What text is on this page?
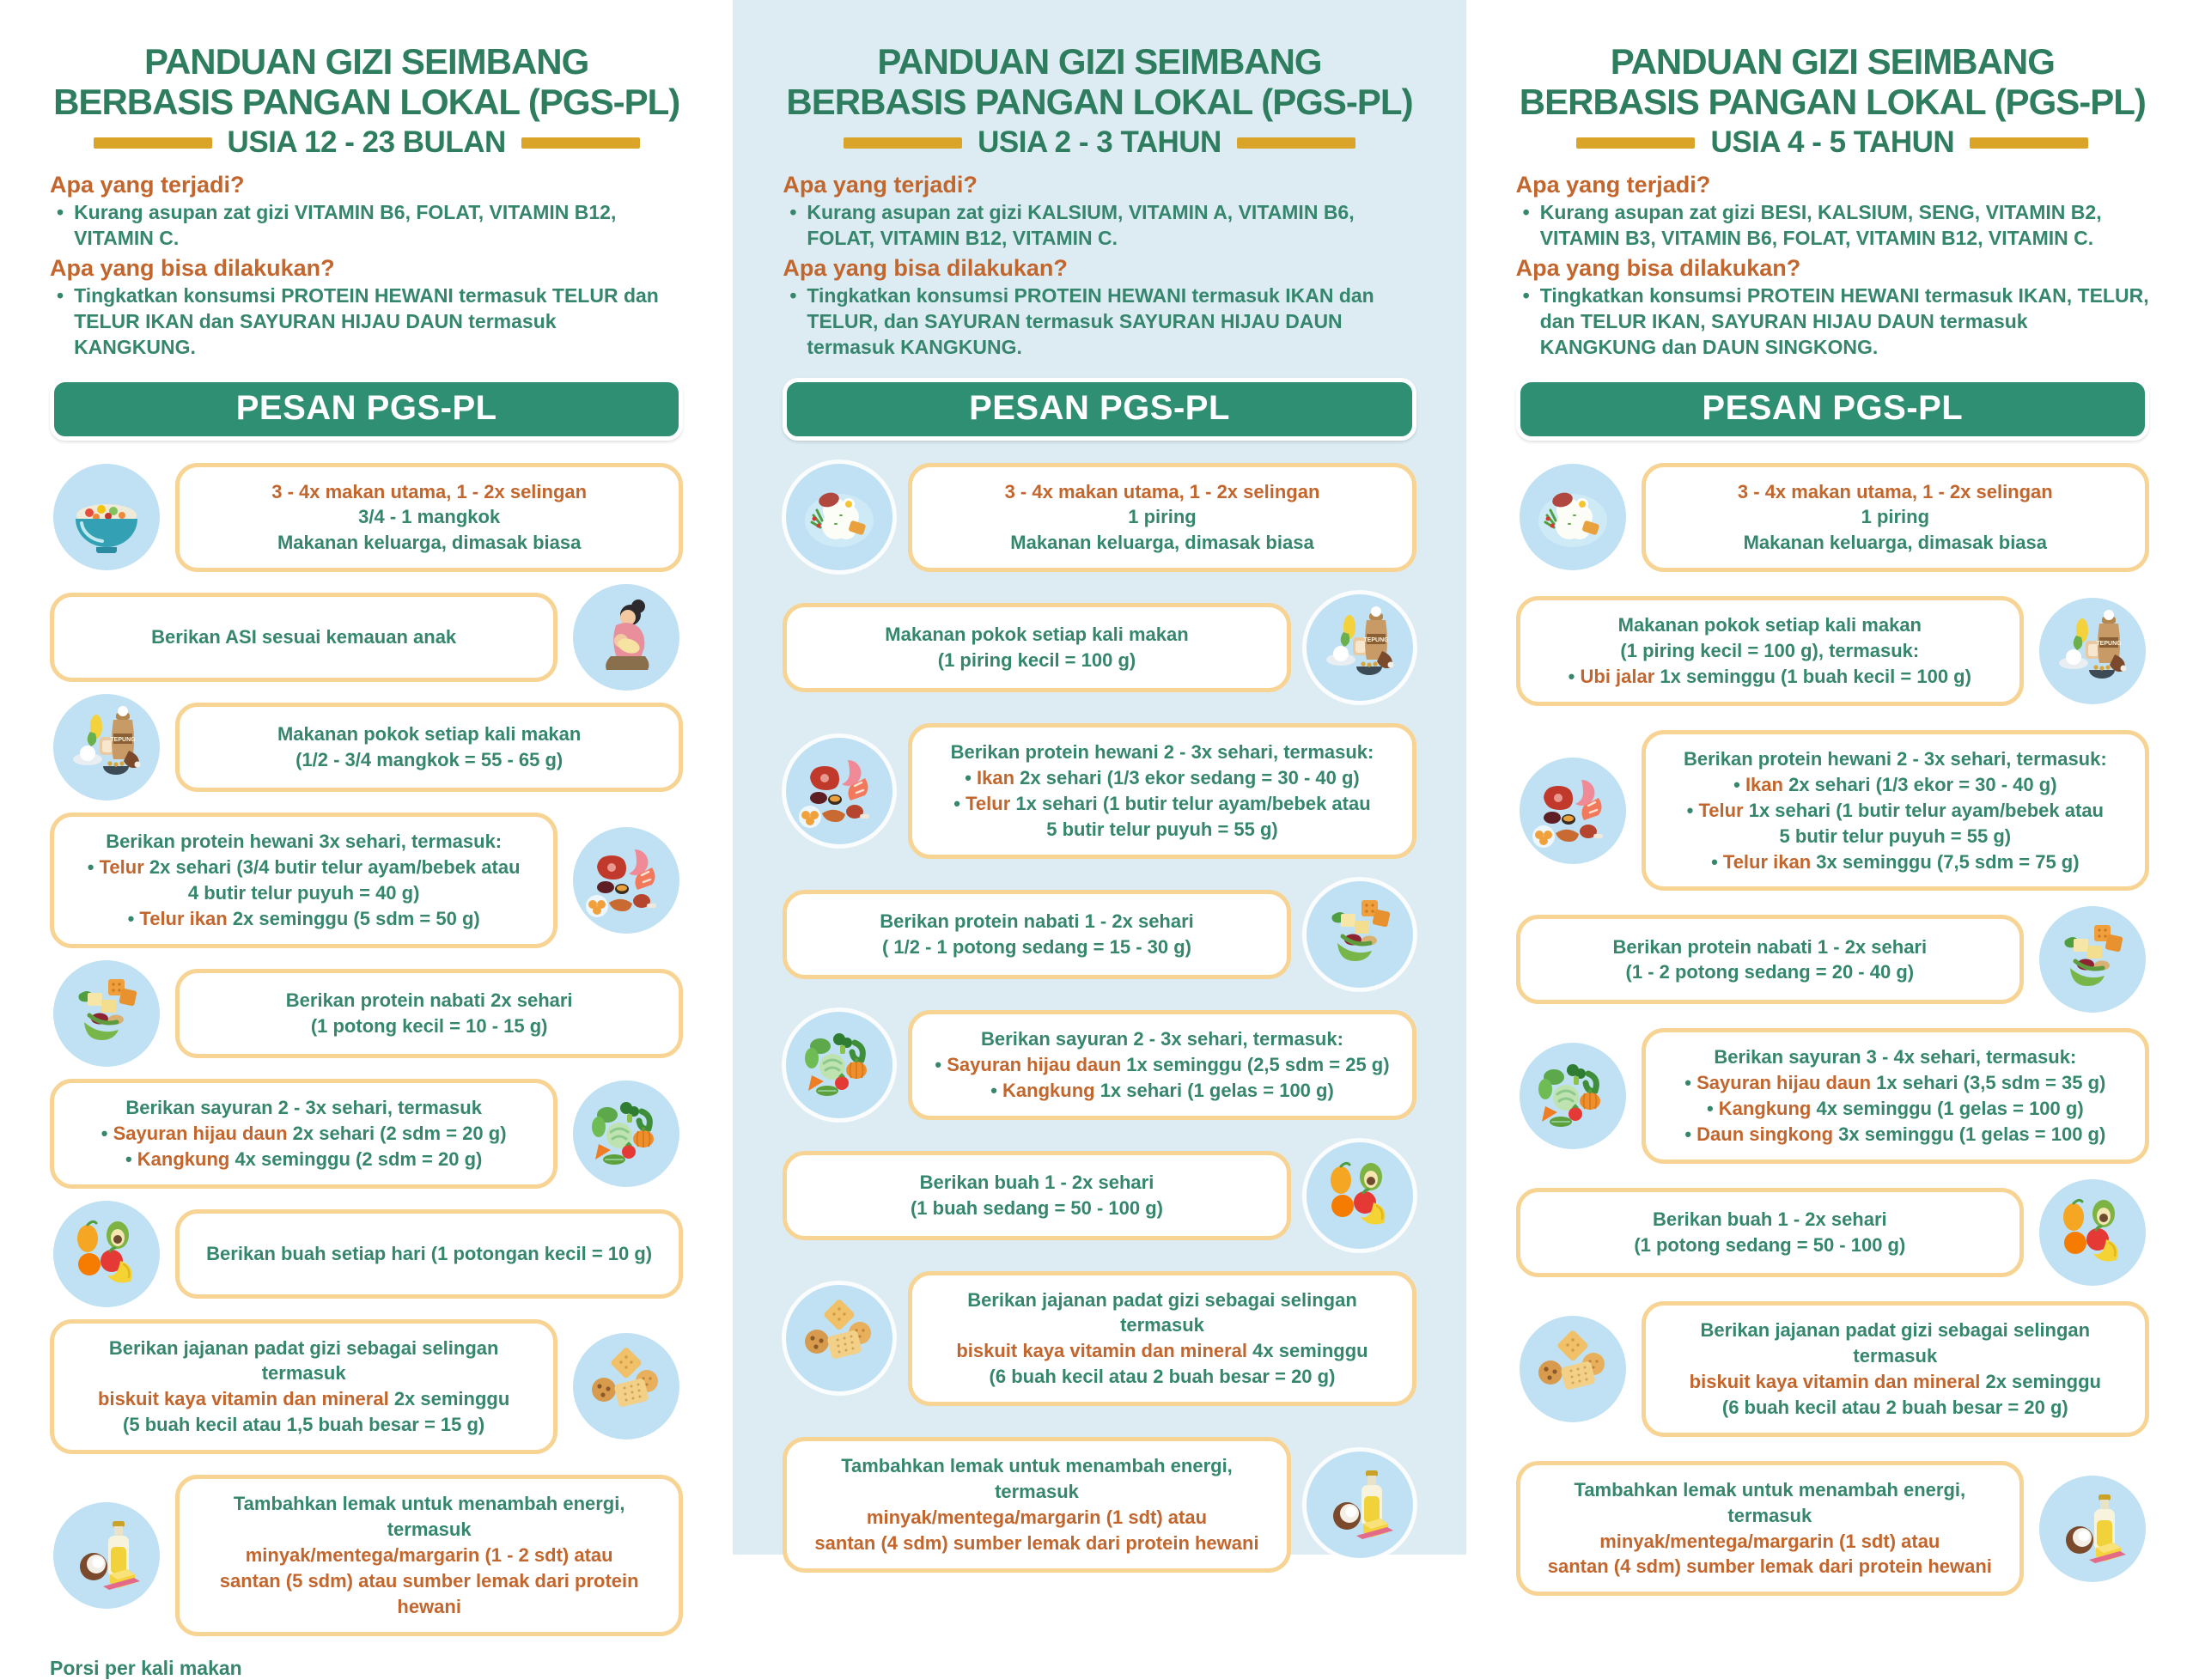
PANDUAN GIZI SEIMBANG
BERBASIS PANGAN LOKAL (PGS-PL)
USIA 12 - 23 BULAN
Apa yang terjadi?
• Kurang asupan zat gizi VITAMIN B6, FOLAT, VITAMIN B12, VITAMIN C.
Apa yang bisa dilakukan?
• Tingkatkan konsumsi PROTEIN HEWANI termasuk TELUR dan TELUR IKAN dan SAYURAN HIJAU DAUN termasuk KANGKUNG.
PESAN PGS-PL
3 - 4x makan utama, 1 - 2x selingan
3/4 - 1 mangkok
Makanan keluarga, dimasak biasa
Berikan ASI sesuai kemauan anak
Makanan pokok setiap kali makan
(1/2 - 3/4 mangkok = 55 - 65 g)
Berikan protein hewani 3x sehari, termasuk:
• Telur 2x sehari (3/4 butir telur ayam/bebek atau
4 butir telur puyuh = 40 g)
• Telur ikan 2x seminggu (5 sdm = 50 g)
Berikan protein nabati 2x sehari
(1 potong kecil = 10 - 15 g)
Berikan sayuran 2 - 3x sehari, termasuk
• Sayuran hijau daun 2x sehari (2 sdm = 20 g)
• Kangkung 4x seminggu (2 sdm = 20 g)
Berikan buah setiap hari (1 potongan kecil = 10 g)
Berikan jajanan padat gizi sebagai selingan termasuk
biskuit kaya vitamin dan mineral 2x seminggu
(5 buah kecil atau 1,5 buah besar = 15 g)
Tambahkan lemak untuk menambah energi, termasuk
minyak/mentega/margarin (1 - 2 sdt) atau
santan (5 sdm) atau sumber lemak dari protein hewani
Porsi per kali makan
PANDUAN GIZI SEIMBANG
BERBASIS PANGAN LOKAL (PGS-PL)
USIA 2 - 3 TAHUN
Apa yang terjadi?
• Kurang asupan zat gizi KALSIUM, VITAMIN A, VITAMIN B6, FOLAT, VITAMIN B12, VITAMIN C.
Apa yang bisa dilakukan?
• Tingkatkan konsumsi PROTEIN HEWANI termasuk IKAN dan TELUR, dan SAYURAN termasuk SAYURAN HIJAU DAUN termasuk KANGKUNG.
PESAN PGS-PL
3 - 4x makan utama, 1 - 2x selingan
1 piring
Makanan keluarga, dimasak biasa
Makanan pokok setiap kali makan
(1 piring kecil = 100 g)
Berikan protein hewani 2 - 3x sehari, termasuk:
• Ikan 2x sehari (1/3 ekor sedang = 30 - 40 g)
• Telur 1x sehari (1 butir telur ayam/bebek atau
5 butir telur puyuh = 55 g)
Berikan protein nabati 1 - 2x sehari
( 1/2 - 1 potong sedang = 15 - 30 g)
Berikan sayuran 2 - 3x sehari, termasuk:
• Sayuran hijau daun 1x seminggu (2,5 sdm = 25 g)
• Kangkung 1x sehari (1 gelas = 100 g)
Berikan buah 1 - 2x sehari
(1 buah sedang = 50 - 100 g)
Berikan jajanan padat gizi sebagai selingan termasuk
biskuit kaya vitamin dan mineral 4x seminggu
(6 buah kecil atau 2 buah besar = 20 g)
Tambahkan lemak untuk menambah energi, termasuk
minyak/mentega/margarin (1 sdt) atau
santan (4 sdm) sumber lemak dari protein hewani
PANDUAN GIZI SEIMBANG
BERBASIS PANGAN LOKAL (PGS-PL)
USIA 4 - 5 TAHUN
Apa yang terjadi?
• Kurang asupan zat gizi BESI, KALSIUM, SENG, VITAMIN B2, VITAMIN B3, VITAMIN B6, FOLAT, VITAMIN B12, VITAMIN C.
Apa yang bisa dilakukan?
• Tingkatkan konsumsi PROTEIN HEWANI termasuk IKAN, TELUR, dan TELUR IKAN, SAYURAN HIJAU DAUN termasuk KANGKUNG dan DAUN SINGKONG.
PESAN PGS-PL
3 - 4x makan utama, 1 - 2x selingan
1 piring
Makanan keluarga, dimasak biasa
Makanan pokok setiap kali makan
(1 piring kecil = 100 g), termasuk:
• Ubi jalar 1x seminggu (1 buah kecil = 100 g)
Berikan protein hewani 2 - 3x sehari, termasuk:
• Ikan 2x sehari (1/3 ekor = 30 - 40 g)
• Telur 1x sehari (1 butir telur ayam/bebek atau
5 butir telur puyuh = 55 g)
• Telur ikan 3x seminggu (7,5 sdm = 75 g)
Berikan protein nabati 1 - 2x sehari
(1 - 2 potong sedang = 20 - 40 g)
Berikan sayuran 3 - 4x sehari, termasuk:
• Sayuran hijau daun 1x sehari (3,5 sdm = 35 g)
• Kangkung 4x seminggu (1 gelas = 100 g)
• Daun singkong 3x seminggu (1 gelas = 100 g)
Berikan buah 1 - 2x sehari
(1 potong sedang = 50 - 100 g)
Berikan jajanan padat gizi sebagai selingan termasuk
biskuit kaya vitamin dan mineral 2x seminggu
(6 buah kecil atau 2 buah besar = 20 g)
Tambahkan lemak untuk menambah energi, termasuk
minyak/mentega/margarin (1 sdt) atau
santan (4 sdm) sumber lemak dari protein hewani
